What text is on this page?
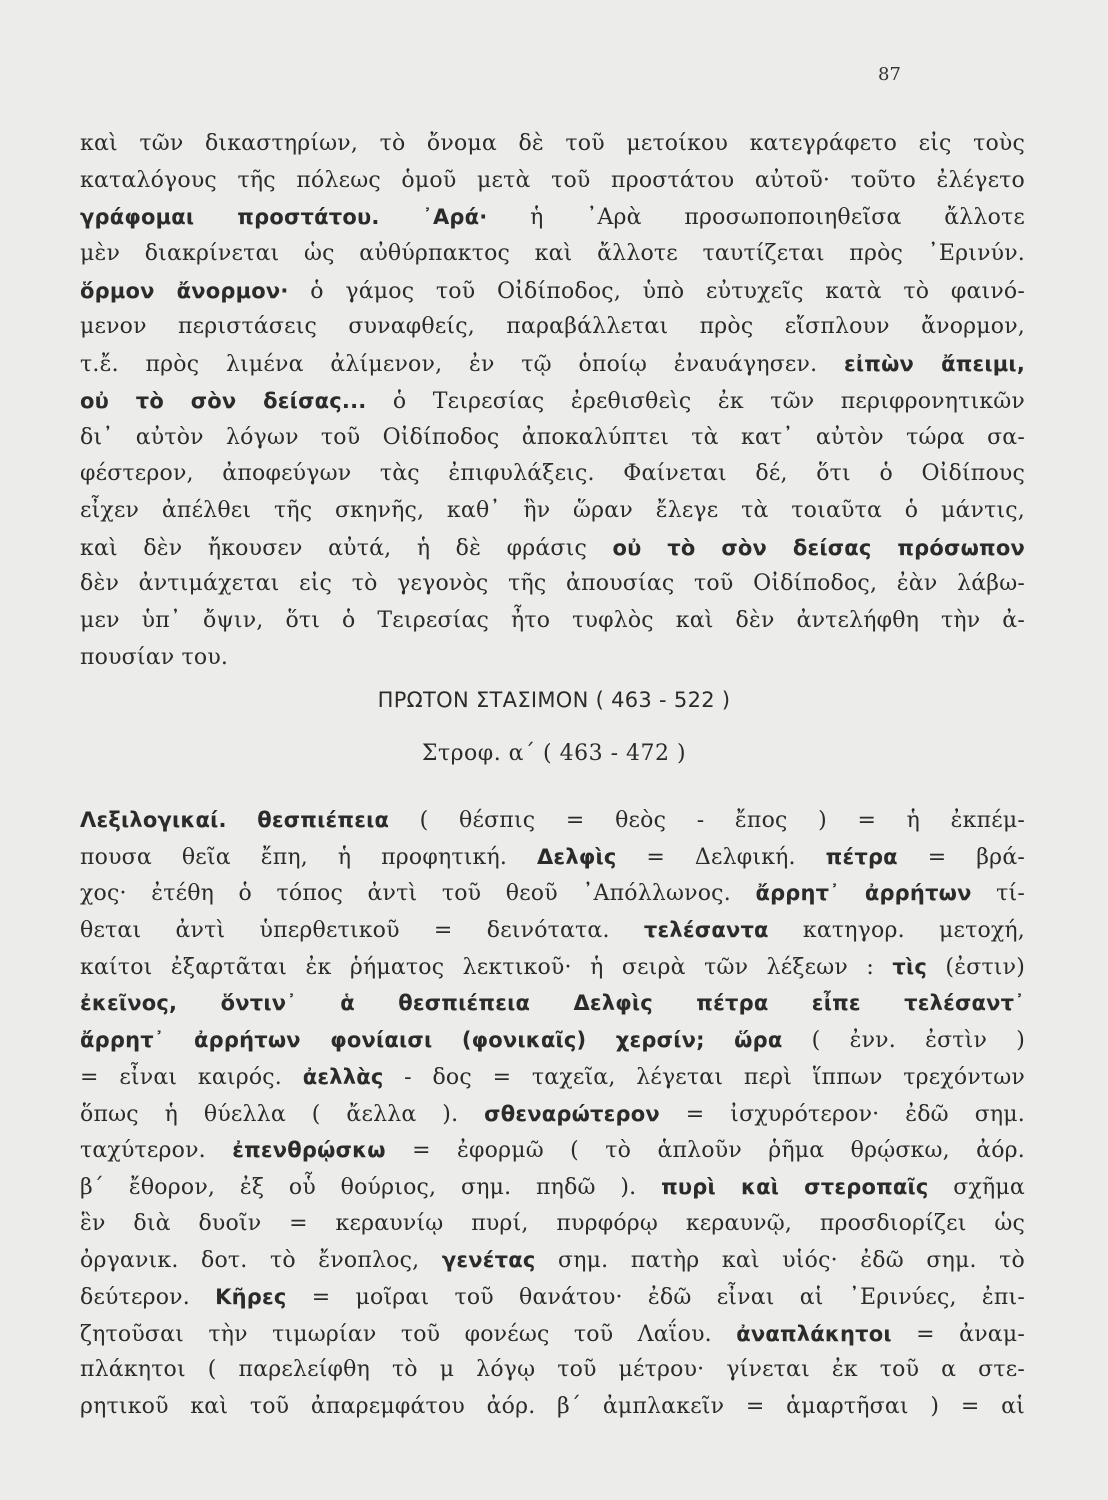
87
καὶ τῶν δικαστηρίων, τὸ ὄνομα δὲ τοῦ μετοίκου κατεγράφετο εἰς τοὺς
καταλόγους τῆς πόλεως ὁμοῦ μετὰ τοῦ προστάτου αὐτοῦ· τοῦτο ἐλέγετο
γράφομαι προστάτου. ᾿Αρά· ἡ ᾿Αρὰ προσωποποιηθεῖσα ἄλλοτε
μὲν διακρίνεται ὡς αὐθύρπακτος καὶ ἄλλοτε ταυτίζεται πρὸς ᾿Ερινύν.
ὅρμον ἄνορμον· ὁ γάμος τοῦ Οἰδίποδος, ὑπὸ εὐτυχεῖς κατὰ τὸ φαινό-
μενον περιστάσεις συναφθείς, παραβάλλεται πρὸς εἴσπλουν ἄνορμον,
τ.ἔ. πρὸς λιμένα ἀλίμενον, ἐν τῷ ὁποίῳ ἐναυάγησεν. εἰπὼν ἄπειμι,
οὐ τὸ σὸν δείσας... ὁ Τειρεσίας ἐρεθισθεὶς ἐκ τῶν περιφρονητικῶν
δι᾿ αὐτὸν λόγων τοῦ Οἰδίποδος ἀποκαλύπτει τὰ κατ᾿ αὐτὸν τώρα σα-
φέστερον, ἀποφεύγων τὰς ἐπιφυλάξεις. Φαίνεται δέ, ὅτι ὁ Οἰδίπους
εἶχεν ἀπέλθει τῆς σκηνῆς, καθ᾿ ἣν ὥραν ἔλεγε τὰ τοιαῦτα ὁ μάντις,
καὶ δὲν ἤκουσεν αὐτά, ἡ δὲ φράσις οὐ τὸ σὸν δείσας πρόσωπον
δὲν ἀντιμάχεται εἰς τὸ γεγονὸς τῆς ἀπουσίας τοῦ Οἰδίποδος, ἐὰν λάβω-
μεν ὑπ᾿ ὄψιν, ὅτι ὁ Τειρεσίας ἦτο τυφλὸς καὶ δὲν ἀντελήφθη τὴν ἀ-
πουσίαν του.
ΠΡΩΤΟΝ ΣΤΑΣΙΜΟΝ ( 463 - 522 )
Στροφ. α΄ ( 463 - 472 )
Λεξιλογικαί. θεσπιέπεια ( θέσπις = θεὸς - ἔπος ) = ἡ ἐκπέμ-
πουσα θεῖα ἔπη, ἡ προφητική. Δελφὶς = Δελφική. πέτρα = βρά-
χος· ἐτέθη ὁ τόπος ἀντὶ τοῦ θεοῦ ᾿Απόλλωνος. ἄρρητ᾿ ἀρρήτων τί-
θεται ἀντὶ ὑπερθετικοῦ = δεινότατα. τελέσαντα κατηγορ. μετοχή,
καίτοι ἐξαρτᾶται ἐκ ῥήματος λεκτικοῦ· ἡ σειρὰ τῶν λέξεων : τὶς (ἐστιν)
ἐκεῖνος, ὅντιν᾿ ἁ θεσπιέπεια Δελφὶς πέτρα εἶπε τελέσαντ᾿
ἄρρητ᾿ ἀρρήτων φονίαισι (φονικαῖς) χερσίν; ὥρα ( ἐνν. ἐστὶν )
= εἶναι καιρός. ἀελλὰς - δος = ταχεῖα, λέγεται περὶ ἵππων τρεχόντων
ὅπως ἡ θύελλα ( ἄελλα ). σθεναρώτερον = ἰσχυρότερον· ἐδῶ σημ.
ταχύτερον. ἐπενθρῴσκω = ἐφορμῶ ( τὸ ἁπλοῦν ῥῆμα θρῴσκω, ἀόρ.
β΄ ἔθορον, ἐξ οὗ θούριος, σημ. πηδῶ ). πυρὶ καὶ στεροπαῖς σχῆμα
ἓν διὰ δυοῖν = κεραυνίῳ πυρί, πυρφόρῳ κεραυνῷ, προσδιορίζει ὡς
ὀργανικ. δοτ. τὸ ἔνοπλος, γενέτας σημ. πατὴρ καὶ υἱός· ἐδῶ σημ. τὸ
δεύτερον. Κῆρες = μοῖραι τοῦ θανάτου· ἐδῶ εἶναι αἱ ᾿Ερινύες, ἐπι-
ζητοῦσαι τὴν τιμωρίαν τοῦ φονέως τοῦ Λαΐου. ἀναπλάκητοι = ἀναμ-
πλάκητοι ( παρελείφθη τὸ μ λόγῳ τοῦ μέτρου· γίνεται ἐκ τοῦ α στε-
ρητικοῦ καὶ τοῦ ἀπαρεμφάτου ἀόρ. β΄ ἀμπλακεῖν = ἁμαρτῆσαι ) = αἱ
